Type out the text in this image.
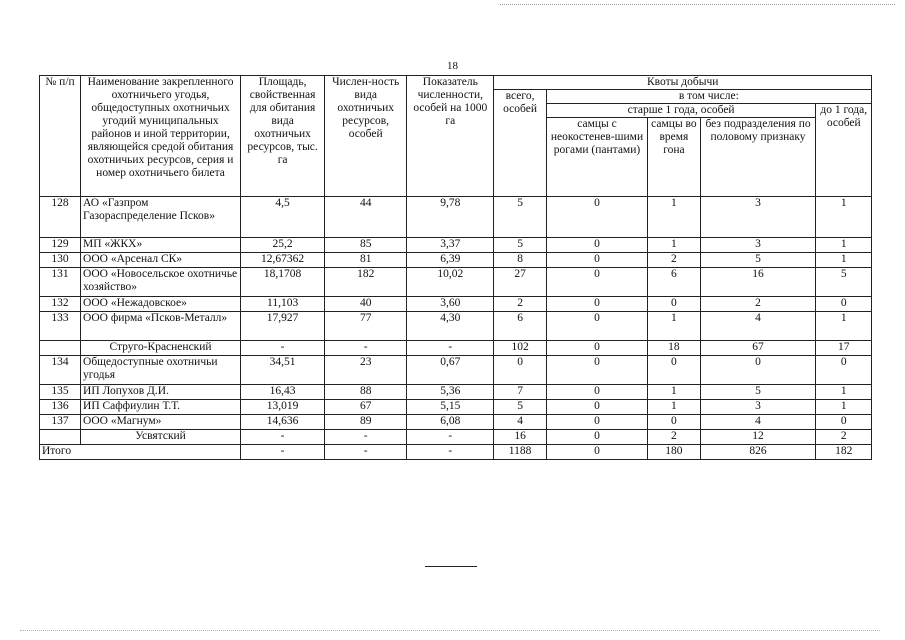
18
№ п/п	Наименование закрепленного охотничьего угодья, общедоступных охотничьих угодий муниципальных районов и иной территории, являющейся средой обитания охотничьих ресурсов, серия и номер охотничьего билета	Площадь, свойственная для обитания вида охотничьих ресурсов, тыс. га	Числен-ность вида охотничьих ресурсов, особей	Показатель численности, особей на 1000 га	Квоты добычи				
					всего, особей	в том числе:			
						старше 1 года, особей			до 1 года, особей
						самцы с неокостенев-шими рогами (пантами)	самцы во время гона	без подразделения по половому признаку	
128	АО «Газпром Газораспределение Псков»	4,5	44	9,78	5	0	1	3	1
129	МП «ЖКХ»	25,2	85	3,37	5	0	1	3	1
130	ООО «Арсенал СК»	12,67362	81	6,39	8	0	2	5	1
131	ООО «Новосельское охотничье хозяйство»	18,1708	182	10,02	27	0	6	16	5
132	ООО «Нежадовское»	11,103	40	3,60	2	0	0	2	0
133	ООО фирма «Псков-Металл»	17,927	77	4,30	6	0	1	4	1
	Струго-Красненский	-	-	-	102	0	18	67	17
134	Общедоступные охотничьи угодья	34,51	23	0,67	0	0	0	0	0
135	ИП Лопухов Д.И.	16,43	88	5,36	7	0	1	5	1
136	ИП Саффиулин Т.Т.	13,019	67	5,15	5	0	1	3	1
137	ООО «Магнум»	14,636	89	6,08	4	0	0	4	0
	Усвятский	-	-	-	16	0	2	12	2
Итого		-	-	-	1188	0	180	826	182
